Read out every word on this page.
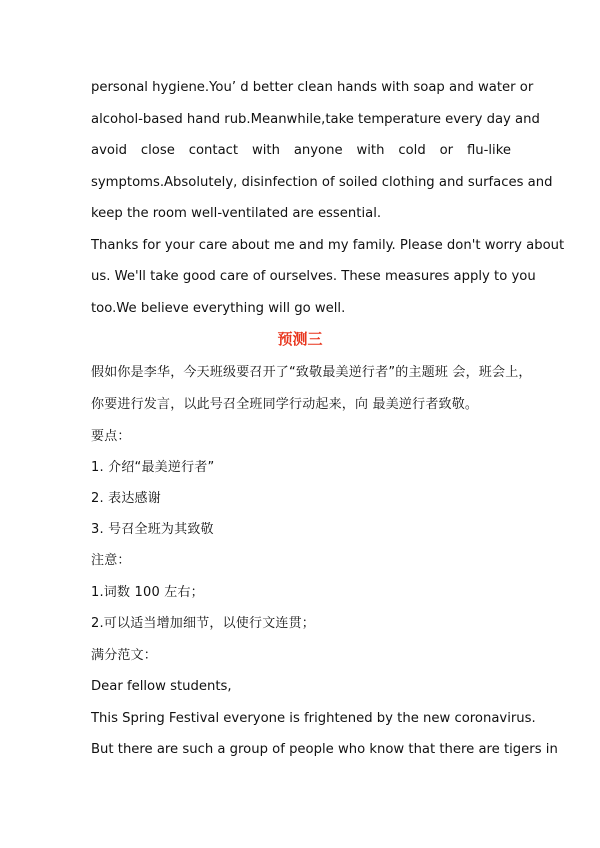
personal hygiene.You’ d better clean hands with soap and water or
alcohol-based hand rub.Meanwhile,take temperature every day and
avoid close contact with anyone with cold or flu-like
symptoms.Absolutely, disinfection of soiled clothing and surfaces and
keep the room well-ventilated are essential.
Thanks for your care about me and my family. Please don't worry about
us. We'll take good care of ourselves. These measures apply to you
too.We believe everything will go well.
预测三
假如你是李华，今天班级要召开了“致敬最美逆行者”的主题班 会，班会上，
你要进行发言，以此号召全班同学行动起来，向 最美逆行者致敬。
要点：
1. 介绍“最美逆行者”
2. 表达感谢
3. 号召全班为其致敬
注意：
1.词数 100 左右；
2.可以适当增加细节，以使行文连贯；
满分范文：
Dear fellow students,
This Spring Festival everyone is frightened by the new coronavirus.
But there are such a group of people who know that there are tigers in
